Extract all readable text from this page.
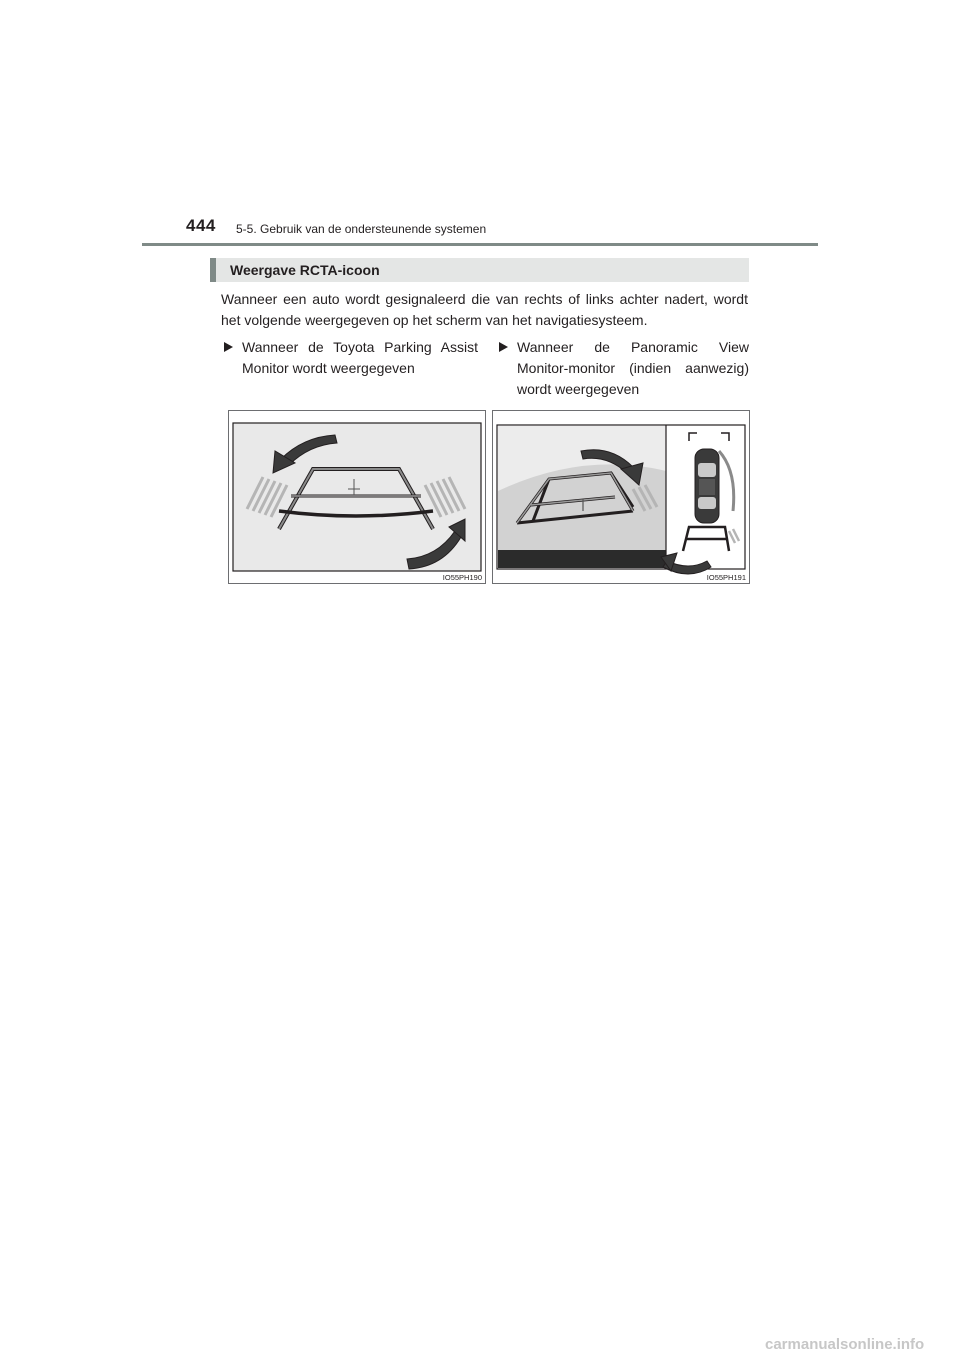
444 5-5. Gebruik van de ondersteunende systemen
Weergave RCTA-icoon
Wanneer een auto wordt gesignaleerd die van rechts of links achter nadert, wordt het volgende weergegeven op het scherm van het navigatiesysteem.
Wanneer de Toyota Parking Assist Monitor wordt weergegeven
Wanneer de Panoramic View Monitor-monitor (indien aanwezig) wordt weergegeven
IO55PH190	IO55PH191
carmanualsonline.info
